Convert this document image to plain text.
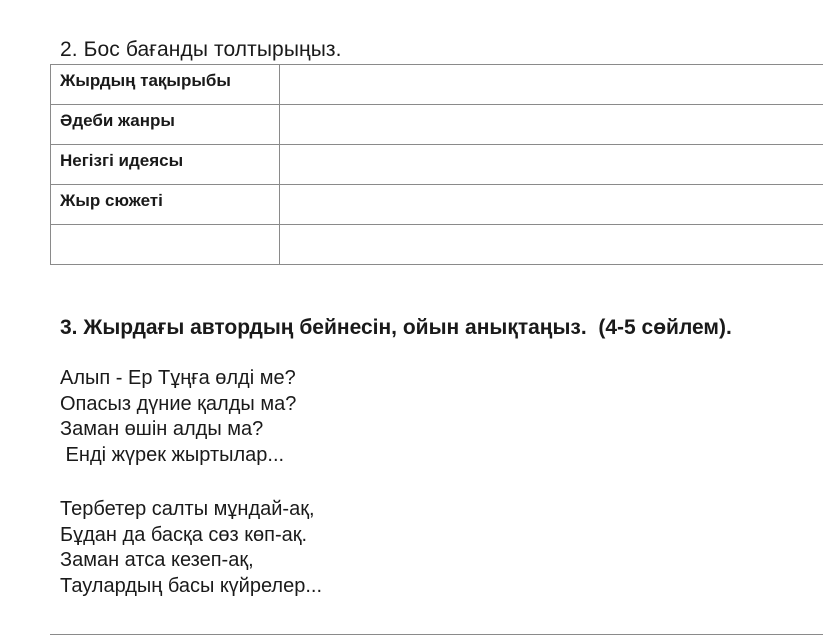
2. Бос бағанды толтырыңыз.
Жырдың тақырыбы	
Әдеби жанры	
Негізгі идеясы	
Жыр сюжеті	

3. Жырдағы автордың бейнесін, ойын анықтаңыз.  (4-5 сөйлем).
Алып - Ер Тұңға өлді ме?
Опасыз дүние қалды ма?
Заман өшін алды ма?
Енді жүрек жыртылар...
Тербетер салты мұндай-ақ,
Бұдан да басқа сөз көп-ақ.
Заман атса кезеп-ақ,
Таулардың басы күйрелер...
